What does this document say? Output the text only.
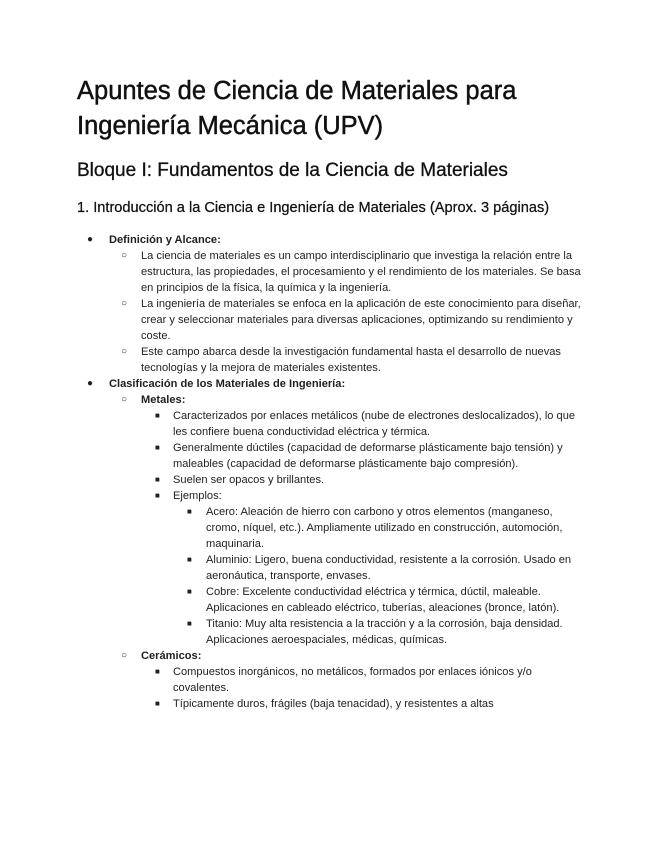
Apuntes de Ciencia de Materiales para Ingeniería Mecánica (UPV)
Bloque I: Fundamentos de la Ciencia de Materiales
1. Introducción a la Ciencia e Ingeniería de Materiales (Aprox. 3 páginas)
● Definición y Alcance:
○ La ciencia de materiales es un campo interdisciplinario que investiga la relación entre la estructura, las propiedades, el procesamiento y el rendimiento de los materiales. Se basa en principios de la física, la química y la ingeniería.
○ La ingeniería de materiales se enfoca en la aplicación de este conocimiento para diseñar, crear y seleccionar materiales para diversas aplicaciones, optimizando su rendimiento y coste.
○ Este campo abarca desde la investigación fundamental hasta el desarrollo de nuevas tecnologías y la mejora de materiales existentes.
● Clasificación de los Materiales de Ingeniería:
○ Metales:
■ Caracterizados por enlaces metálicos (nube de electrones deslocalizados), lo que les confiere buena conductividad eléctrica y térmica.
■ Generalmente dúctiles (capacidad de deformarse plásticamente bajo tensión) y maleables (capacidad de deformarse plásticamente bajo compresión).
■ Suelen ser opacos y brillantes.
■ Ejemplos:
■ Acero: Aleación de hierro con carbono y otros elementos (manganeso, cromo, níquel, etc.). Ampliamente utilizado en construcción, automoción, maquinaria.
■ Aluminio: Ligero, buena conductividad, resistente a la corrosión. Usado en aeronáutica, transporte, envases.
■ Cobre: Excelente conductividad eléctrica y térmica, dúctil, maleable. Aplicaciones en cableado eléctrico, tuberías, aleaciones (bronce, latón).
■ Titanio: Muy alta resistencia a la tracción y a la corrosión, baja densidad. Aplicaciones aeroespaciales, médicas, químicas.
○ Cerámicos:
■ Compuestos inorgánicos, no metálicos, formados por enlaces iónicos y/o covalentes.
■ Típicamente duros, frágiles (baja tenacidad), y resistentes a altas
